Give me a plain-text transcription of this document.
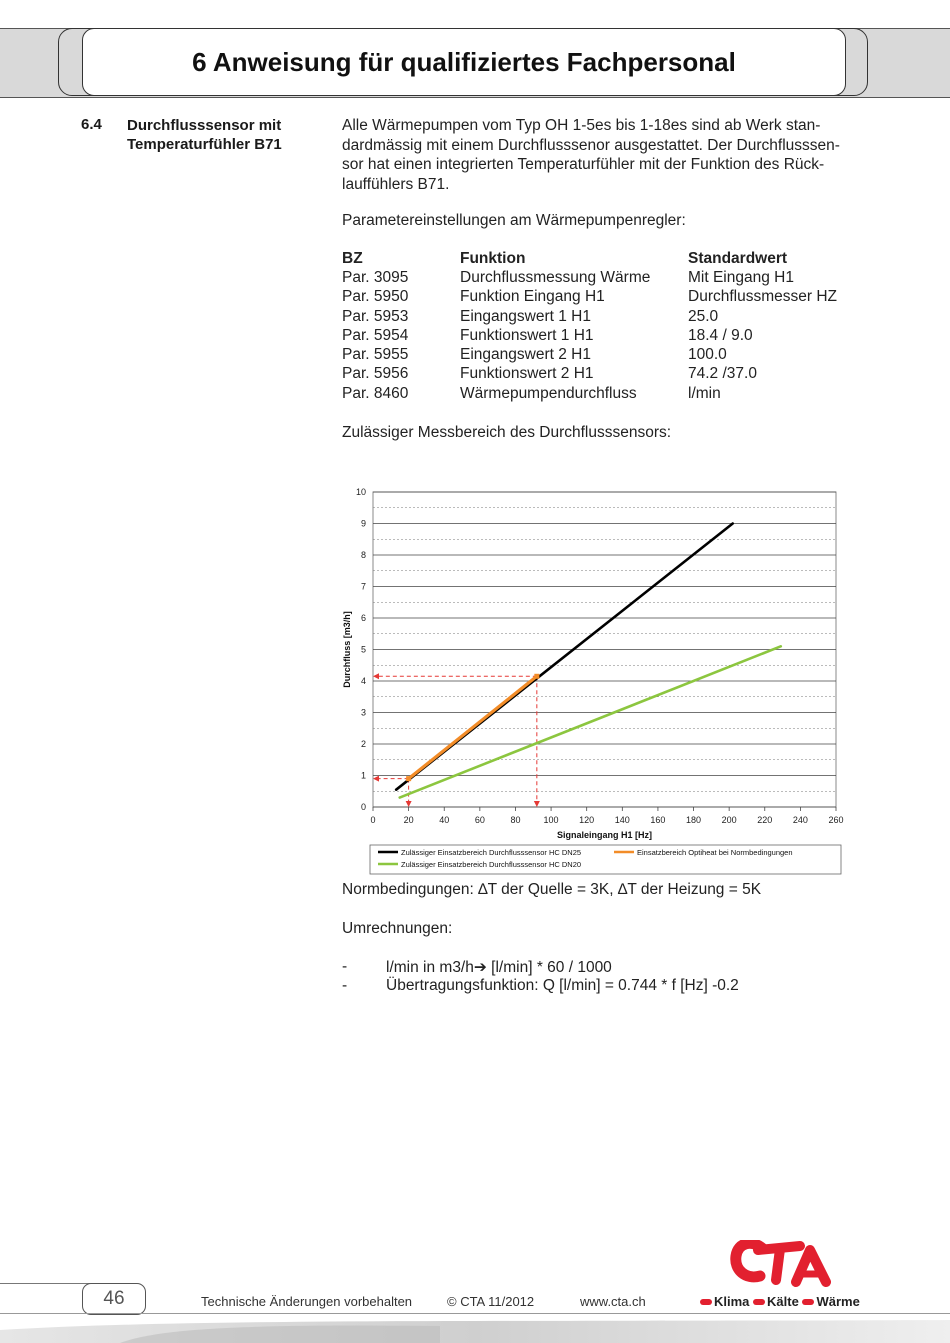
6 Anweisung für qualifiziertes Fachpersonal
6.4 Durchflusssensor mit
Temperaturfühler B71
Alle Wärmepumpen vom Typ OH 1-5es bis 1-18es sind ab Werk stan-
dardmässig mit einem Durchflusssenor ausgestattet. Der Durchflusssen-
sor hat einen integrierten Temperaturfühler mit der Funktion des Rück-
lauffühlers B71.
Parametereinstellungen am Wärmepumpenregler:
BZ	Funktion	Standardwert
Par. 3095	Durchflussmessung Wärme	Mit Eingang H1
Par. 5950	Funktion Eingang H1	Durchflussmesser HZ
Par. 5953	Eingangswert 1 H1	25.0
Par. 5954	Funktionswert 1 H1	18.4 / 9.0
Par. 5955	Eingangswert 2 H1	100.0
Par. 5956	Funktionswert 2 H1	74.2 /37.0
Par. 8460	Wärmepumpendurchfluss	l/min
Zulässiger Messbereich des Durchflusssensors:
0
1
2
3
4
5
6
7
8
9
10
0	20	40	60	80	100 120 140 160 180 200 220 240 260
Signaleingang H1 [Hz]
Durchfluss [m3/h]
Zulässiger Einsatzbereich Durchflusssensor HC DN25	Einsatzbereich Optiheat bei Normbedingungen
Zulässiger Einsatzbereich Durchflusssensor HC DN20
Normbedingungen: ∆T der Quelle = 3K, ∆T der Heizung = 5K
Umrechnungen:
-	l/min in m3/h➔ [l/min] * 60 / 1000
-	Übertragungsfunktion: Q [l/min] = 0.744 * f [Hz] -0.2
46	Technische Änderungen vorbehalten	© CTA 11/2012	www.cta.ch	Klima Kälte Wärme
